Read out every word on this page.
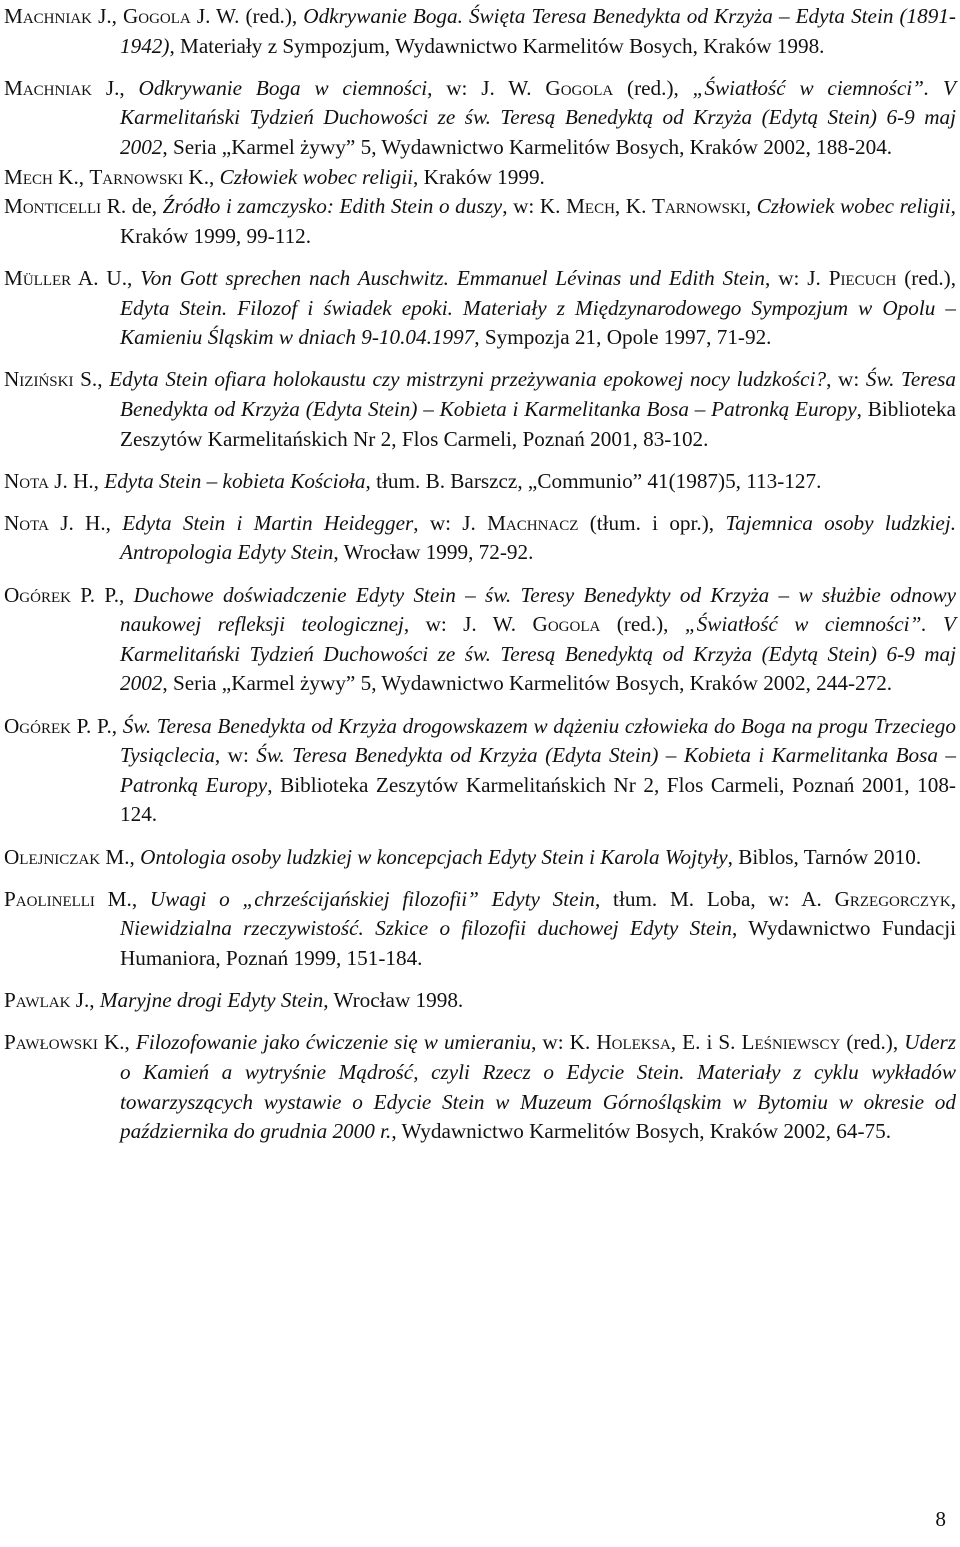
Machniak J., Gogola J. W. (red.), Odkrywanie Boga. Święta Teresa Benedykta od Krzyża – Edyta Stein (1891-1942), Materiały z Sympozjum, Wydawnictwo Karmelitów Bosych, Kraków 1998.

Machniak J., Odkrywanie Boga w ciemności, w: J. W. Gogola (red.), „Światłość w ciemności”. V Karmelitański Tydzień Duchowości ze św. Teresą Benedyktą od Krzyża (Edytą Stein) 6-9 maj 2002, Seria „Karmel żywy” 5, Wydawnictwo Karmelitów Bosych, Kraków 2002, 188-204.

Mech K., Tarnowski K., Człowiek wobec religii, Kraków 1999.

Monticelli R. de, Źródło i zamczysko: Edith Stein o duszy, w: K. Mech, K. Tarnowski, Człowiek wobec religii, Kraków 1999, 99-112.

Müller A. U., Von Gott sprechen nach Auschwitz. Emmanuel Lévinas und Edith Stein, w: J. Piecuch (red.), Edyta Stein. Filozof i świadek epoki. Materiały z Międzynarodowego Sympozjum w Opolu – Kamieniu Śląskim w dniach 9-10.04.1997, Sympozja 21, Opole 1997, 71-92.

Niziński S., Edyta Stein ofiara holokaustu czy mistrzyni przeżywania epokowej nocy ludzkości?, w: Św. Teresa Benedykta od Krzyża (Edyta Stein) – Kobieta i Karmelitanka Bosa – Patronką Europy, Biblioteka Zeszytów Karmelitańskich Nr 2, Flos Carmeli, Poznań 2001, 83-102.

Nota J. H., Edyta Stein – kobieta Kościoła, tłum. B. Barszcz, „Communio” 41(1987)5, 113-127.

Nota J. H., Edyta Stein i Martin Heidegger, w: J. Machnacz (tłum. i opr.), Tajemnica osoby ludzkiej. Antropologia Edyty Stein, Wrocław 1999, 72-92.

Ogórek P. P., Duchowe doświadczenie Edyty Stein – św. Teresy Benedykty od Krzyża – w służbie odnowy naukowej refleksji teologicznej, w: J. W. Gogola (red.), „Światłość w ciemności”. V Karmelitański Tydzień Duchowości ze św. Teresą Benedyktą od Krzyża (Edytą Stein) 6-9 maj 2002, Seria „Karmel żywy” 5, Wydawnictwo Karmelitów Bosych, Kraków 2002, 244-272.

Ogórek P. P., Św. Teresa Benedykta od Krzyża drogowskazem w dążeniu człowieka do Boga na progu Trzeciego Tysiąclecia, w: Św. Teresa Benedykta od Krzyża (Edyta Stein) – Kobieta i Karmelitanka Bosa – Patronką Europy, Biblioteka Zeszytów Karmelitańskich Nr 2, Flos Carmeli, Poznań 2001, 108-124.

Olejniczak M., Ontologia osoby ludzkiej w koncepcjach Edyty Stein i Karola Wojtyły, Biblos, Tarnów 2010.

Paolinelli M., Uwagi o „chrześcijańskiej filozofii” Edyty Stein, tłum. M. Loba, w: A. Grzegorczyk, Niewidzialna rzeczywistość. Szkice o filozofii duchowej Edyty Stein, Wydawnictwo Fundacji Humaniora, Poznań 1999, 151-184.

Pawlak J., Maryjne drogi Edyty Stein, Wrocław 1998.

Pawłowski K., Filozofowanie jako ćwiczenie się w umieraniu, w: K. Holeksa, E. i S. Leśniewscy (red.), Uderz o Kamień a wytryśnie Mądrość, czyli Rzecz o Edycie Stein. Materiały z cyklu wykładów towarzyszących wystawie o Edycie Stein w Muzeum Górnośląskim w Bytomiu w okresie od października do grudnia 2000 r., Wydawnictwo Karmelitów Bosych, Kraków 2002, 64-75.

8
